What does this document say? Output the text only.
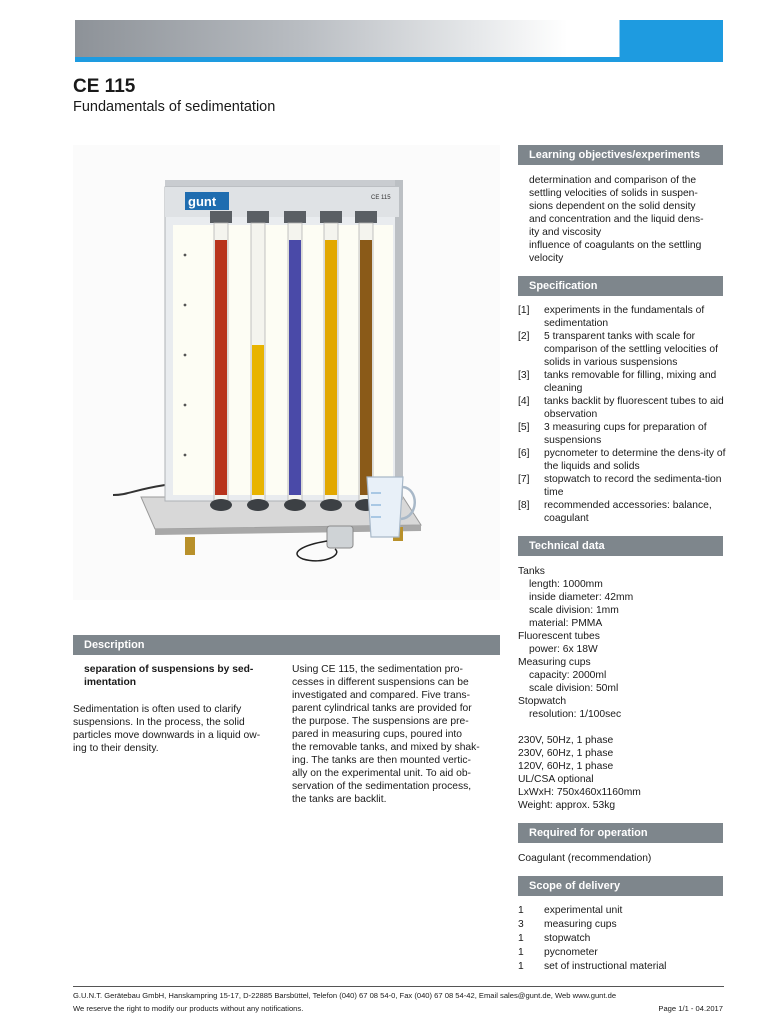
CE 115
Fundamentals of sedimentation
gunt	CE 115
Description

separation of suspensions by sed-

imentation

Sedimentation is often used to clarify
suspensions. In the process, the solid
particles move downwards in a liquid ow-
ing to their density.
Using CE 115, the sedimentation pro-
cesses in different suspensions can be
investigated and compared. Five trans-
parent cylindrical tanks are provided for
the purpose. The suspensions are pre-
pared in measuring cups, poured into
the removable tanks, and mixed by shak-
ing. The tanks are then mounted vertic-
ally on the experimental unit. To aid ob-
servation of the sedimentation process,
the tanks are backlit.
Learning objectives/experiments
determination and comparison of the
settling velocities of solids in suspen-
sions dependent on the solid density
and concentration and the liquid dens-
ity and viscosity
influence of coagulants on the settling
velocity
Specification
[1]	experiments in the fundamentals of sedimentation
[2]	5 transparent tanks with scale for comparison of the settling velocities of solids in various suspensions
[3]	tanks removable for filling, mixing and cleaning
[4]	tanks backlit by fluorescent tubes to aid observation
[5]	3 measuring cups for preparation of suspensions
[6]	pycnometer to determine the dens-ity of the liquids and solids
[7]	stopwatch to record the sedimenta-tion time
[8]	recommended accessories: balance, coagulant
Technical data
Tanks
length: 1000mm
inside diameter: 42mm
scale division: 1mm
material: PMMA
Fluorescent tubes
power: 6x 18W
Measuring cups
capacity: 2000ml
scale division: 50ml
Stopwatch
resolution: 1/100sec
230V, 50Hz, 1 phase
230V, 60Hz, 1 phase
120V, 60Hz, 1 phase
UL/CSA optional
LxWxH: 750x460x1160mm
Weight: approx. 53kg
Required for operation
Coagulant (recommendation)
Scope of delivery
1	experimental unit
3	measuring cups
1	stopwatch
1	pycnometer
1	set of instructional material
G.U.N.T. Gerätebau GmbH, Hanskampring 15-17, D-22885 Barsbüttel, Telefon (040) 67 08 54-0, Fax (040) 67 08 54-42, Email sales@gunt.de, Web www.gunt.de
We reserve the right to modify our products without any notifications.	Page 1/1 - 04.2017
